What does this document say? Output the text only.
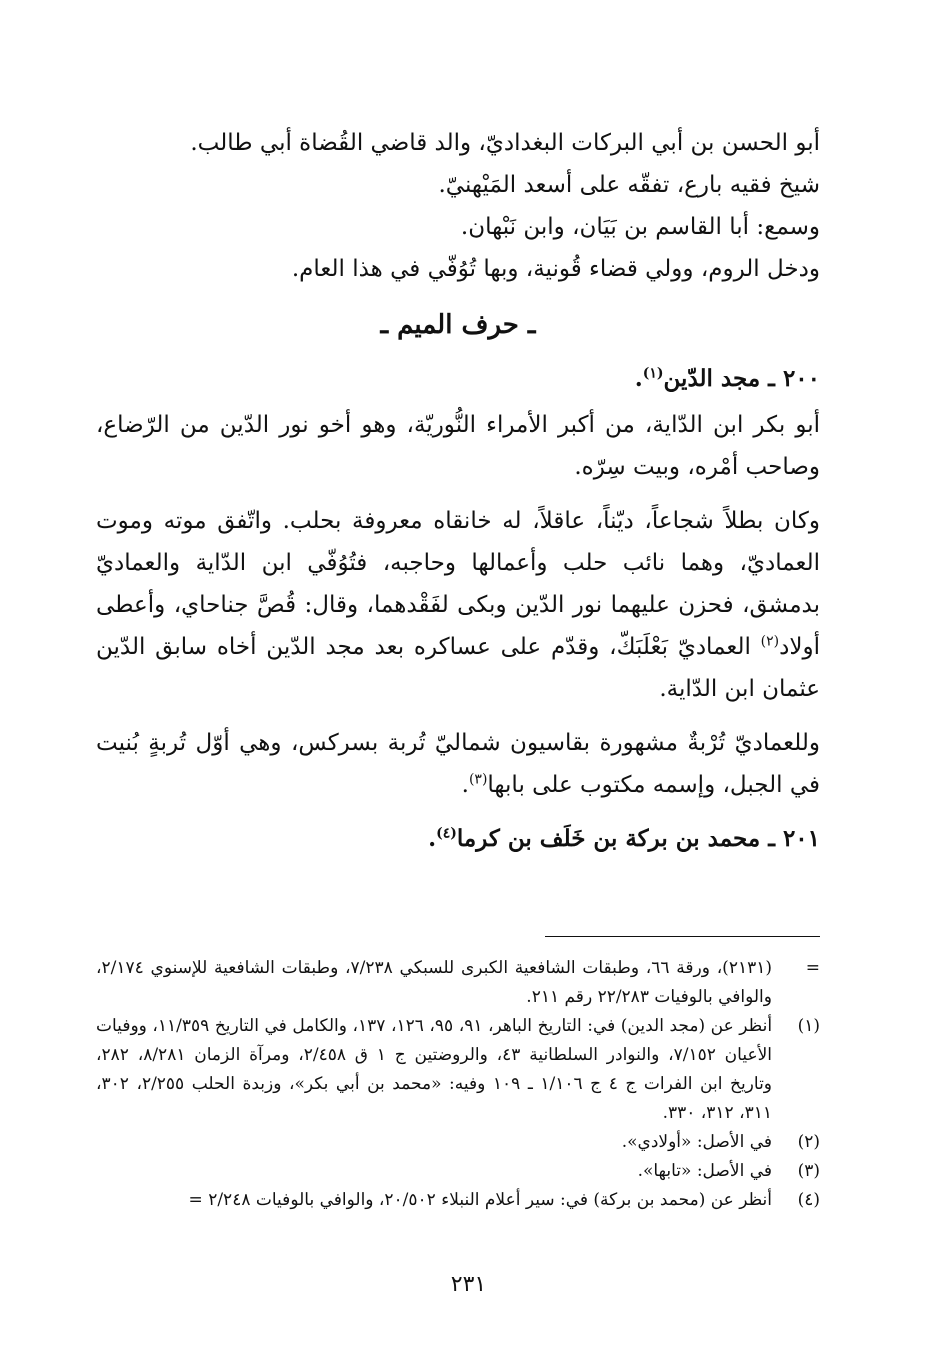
أبو الحسن بن أبي البركات البغداديّ، والد قاضي القُضاة أبي طالب.
شيخ فقيه بارع، تفقّه على أسعد المَيْهنيّ.
وسمع: أبا القاسم بن بَيَان، وابن نَبْهان.
ودخل الروم، وولي قضاء قُونية، وبها تُوُفّي في هذا العام.
ـ حرف الميم ـ
٢٠٠ ـ مجد الدّين$^{(١)}$.

أبو بكر ابن الدّاية، من أكبر الأمراء النُّوريّة، وهو أخو نور الدّين من الرّضاع، وصاحب أمْره، وبيت سِرّه.

وكان بطلاً شجاعاً، ديّناً، عاقلاً، له خانقاه معروفة بحلب. واتّفق موته وموت العماديّ، وهما نائب حلب وأعمالها وحاجبه، فتُوُفّي ابن الدّاية والعماديّ بدمشق، فحزن عليهما نور الدّين وبكى لفَقْدهما، وقال: قُصَّ جناحاي، وأعطى أولاد$^{(٢)}$ العماديّ بَعْلَبَكّ، وقدّم على عساكره بعد مجد الدّين أخاه سابق الدّين عثمان ابن الدّاية.

وللعماديّ تُرْبةٌ مشهورة بقاسيون شماليّ تُربة بسركس، وهي أوّل تُربةٍ بُنيت في الجبل، وإسمه مكتوب على بابها$^{(٣)}$.

٢٠١ ـ محمد بن بركة بن خَلَف بن كرما$^{(٤)}$.
=
(٢١٣١)، ورقة ٦٦، وطبقات الشافعية الكبرى للسبكي ٧/٢٣٨، وطبقات الشافعية للإسنوي ٢/١٧٤، والوافي بالوفيات ٢٢/٢٨٣ رقم ٢١١.
(١)
أنظر عن (مجد الدين) في: التاريخ الباهر، ٩١، ٩٥، ١٢٦، ١٣٧، والكامل في التاريخ ١١/٣٥٩، ووفيات الأعيان ٧/١٥٢، والنوادر السلطانية ٤٣، والروضتين ج ١ ق ٢/٤٥٨، ومرآة الزمان ٨/٢٨١، ٢٨٢، وتاريخ ابن الفرات ج ٤ ج ١/١٠٦ ـ ١٠٩ وفيه: «محمد بن أبي بكر»، وزبدة الحلب ٢/٢٥٥، ٣٠٢، ٣١١، ٣١٢، ٣٣٠.
(٢)
في الأصل: «أولادي».
(٣)
في الأصل: «تابها».
(٤)
أنظر عن (محمد بن بركة) في: سير أعلام النبلاء ٢٠/٥٠٢، والوافي بالوفيات ٢/٢٤٨ =
٢٣١
